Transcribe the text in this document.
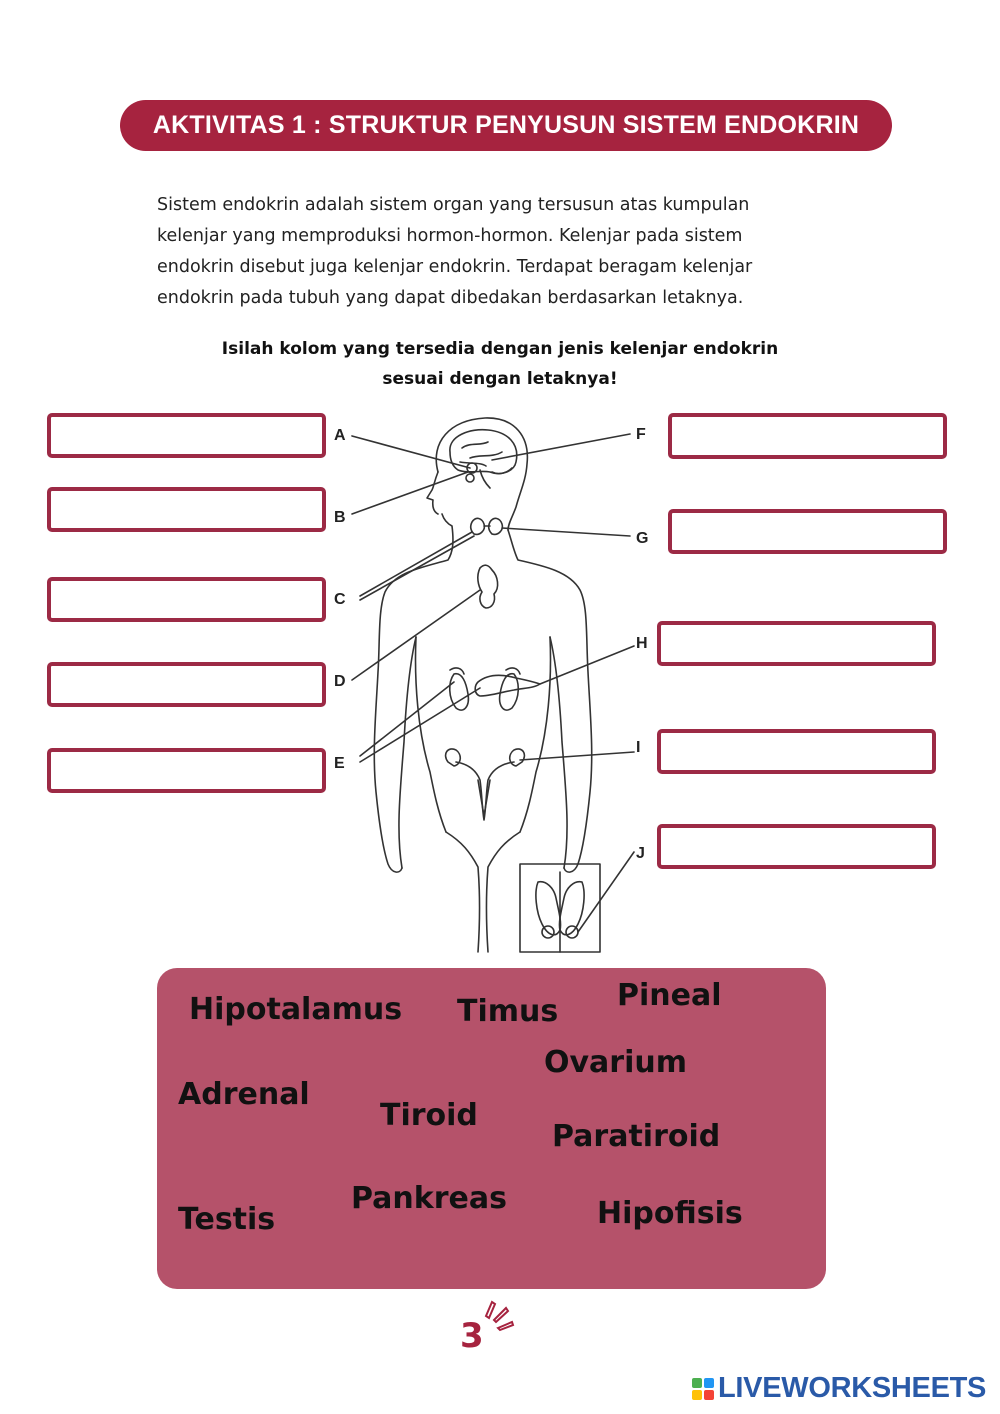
AKTIVITAS 1 : STRUKTUR PENYUSUN SISTEM ENDOKRIN
Sistem endokrin adalah sistem organ yang tersusun atas kumpulan
kelenjar yang memproduksi hormon-hormon. Kelenjar pada sistem
endokrin disebut juga kelenjar endokrin. Terdapat beragam kelenjar
endokrin pada tubuh yang dapat dibedakan berdasarkan letaknya.
Isilah kolom yang tersedia dengan jenis kelenjar endokrin
sesuai dengan letaknya!
A
B
C
D
E
F
G
H
I
J
Hipotalamus Timus Pineal
Ovarium
Adrenal
Tiroid
Paratiroid
Testis
Pankreas	Hipofisis
3
LIVEWORKSHEETS
